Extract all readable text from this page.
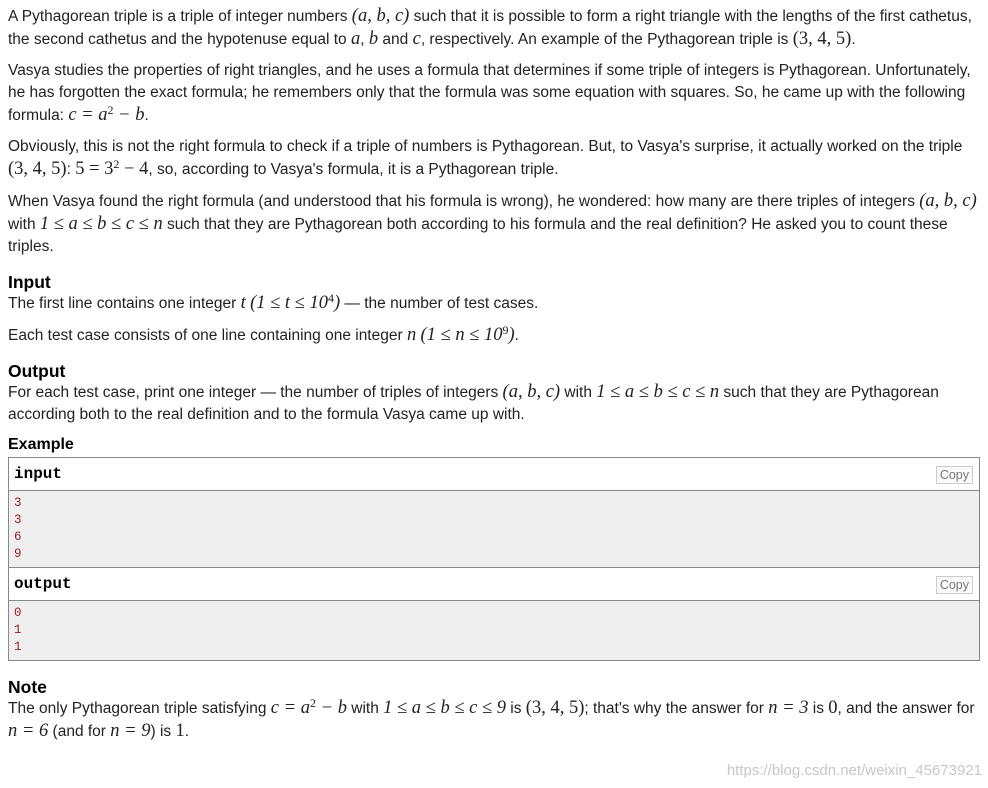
A Pythagorean triple is a triple of integer numbers (a, b, c) such that it is possible to form a right triangle with the lengths of the first cathetus, the second cathetus and the hypotenuse equal to a, b and c, respectively. An example of the Pythagorean triple is (3, 4, 5).

Vasya studies the properties of right triangles, and he uses a formula that determines if some triple of integers is Pythagorean. Unfortunately, he has forgotten the exact formula; he remembers only that the formula was some equation with squares. So, he came up with the following formula: $c = a^2 - b$.

Obviously, this is not the right formula to check if a triple of numbers is Pythagorean. But, to Vasya's surprise, it actually worked on the triple (3, 4, 5): $5 = 3^2 - 4$, so, according to Vasya's formula, it is a Pythagorean triple.

When Vasya found the right formula (and understood that his formula is wrong), he wondered: how many are there triples of integers (a, b, c) with 1 ≤ a ≤ b ≤ c ≤ n such that they are Pythagorean both according to his formula and the real definition? He asked you to count these triples.

Input

The first line contains one integer t $(1 \le t \le 10^4)$ — the number of test cases.

Each test case consists of one line containing one integer n $(1 \le n \le 10^9)$.

Output

For each test case, print one integer — the number of triples of integers (a, b, c) with 1 ≤ a ≤ b ≤ c ≤ n such that they are Pythagorean according both to the real definition and to the formula Vasya came up with.

Example
input	Copy
3
3
6
9
output	Copy
0
1
1
Note

The only Pythagorean triple satisfying $c = a^2 - b$ with 1 ≤ a ≤ b ≤ c ≤ 9 is (3, 4, 5); that's why the answer for n = 3 is 0, and the answer for n = 6 (and for n = 9) is 1.

https://blog.csdn.net/weixin_45673921
